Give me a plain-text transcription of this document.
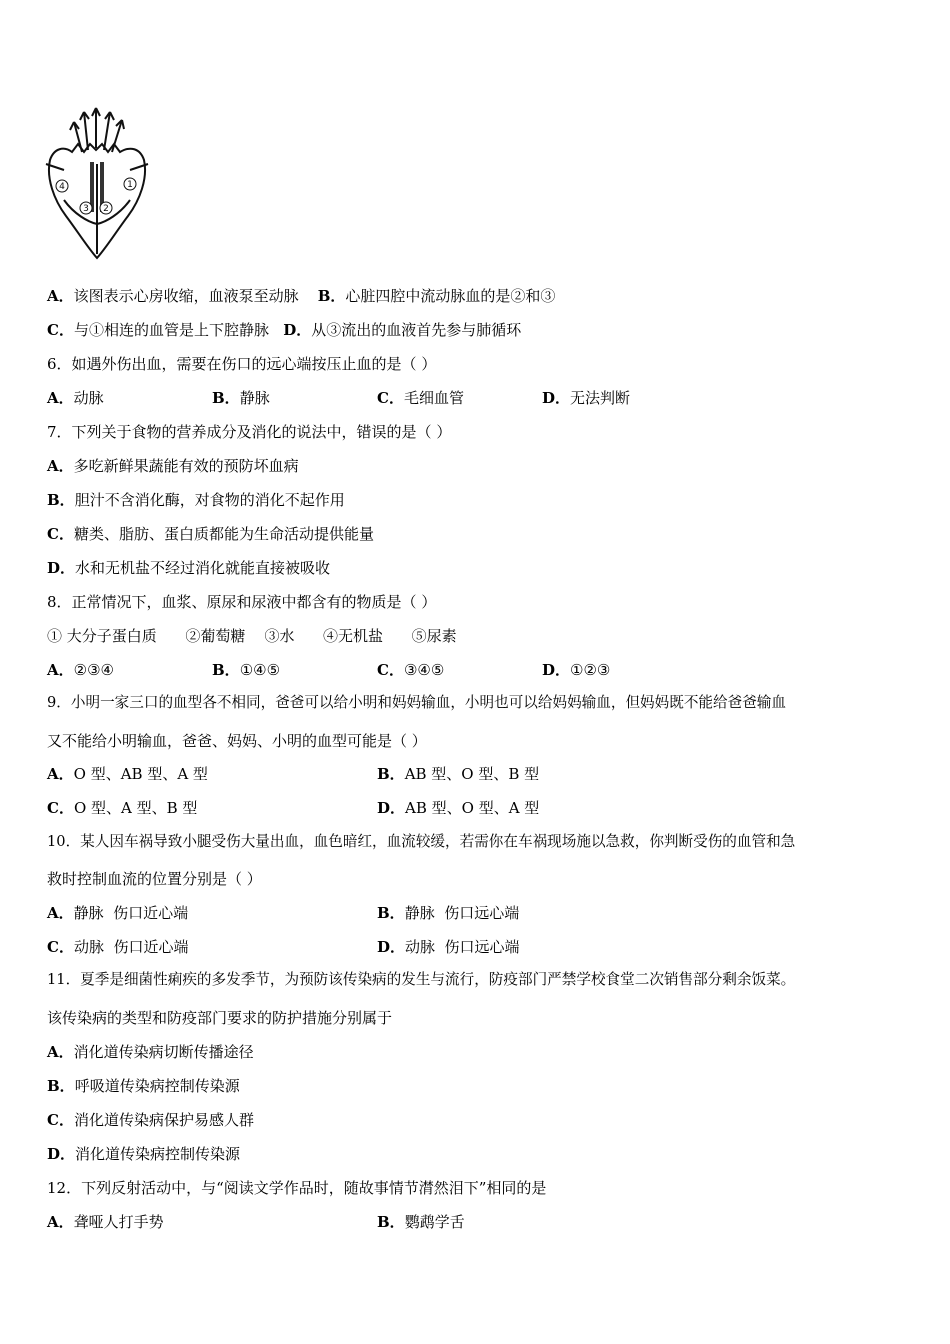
4	1
3 2
A．该图表示心房收缩，血液泵至动脉 B．心脏四腔中流动脉血的是②和③
C．与①相连的血管是上下腔静脉 D．从③流出的血液首先参与肺循环
6．如遇外伤出血，需要在伤口的远心端按压止血的是（ ）
A．动脉	B．静脉	C．毛细血管	D．无法判断
7．下列关于食物的营养成分及消化的说法中，错误的是（ ）
A．多吃新鲜果蔬能有效的预防坏血病
B．胆汁不含消化酶，对食物的消化不起作用
C．糖类、脂肪、蛋白质都能为生命活动提供能量
D．水和无机盐不经过消化就能直接被吸收
8．正常情况下，血浆、原尿和尿液中都含有的物质是（ ）
① 大分子蛋白质      ②葡萄糖    ③水      ④无机盐      ⑤尿素
A．②③④	B．①④⑤	C．③④⑤	D．①②③
9．小明一家三口的血型各不相同，爸爸可以给小明和妈妈输血，小明也可以给妈妈输血，但妈妈既不能给爸爸输血
又不能给小明输血，爸爸、妈妈、小明的血型可能是（ ）
A．O 型、AB 型、A 型	B．AB 型、O 型、B 型
C．O 型、A 型、B 型	D．AB 型、O 型、A 型
10．某人因车祸导致小腿受伤大量出血，血色暗红，血流较缓，若需你在车祸现场施以急救，你判断受伤的血管和急
救时控制血流的位置分别是（ ）
A．静脉  伤口近心端	B．静脉  伤口远心端
C．动脉  伤口近心端	D．动脉  伤口远心端
11．夏季是细菌性痢疾的多发季节，为预防该传染病的发生与流行，防疫部门严禁学校食堂二次销售部分剩余饭菜。
该传染病的类型和防疫部门要求的防护措施分别属于
A．消化道传染病切断传播途径
B．呼吸道传染病控制传染源
C．消化道传染病保护易感人群
D．消化道传染病控制传染源
12．下列反射活动中，与“阅读文学作品时，随故事情节潸然泪下”相同的是
A．聋哑人打手势	B．鹦鹉学舌
